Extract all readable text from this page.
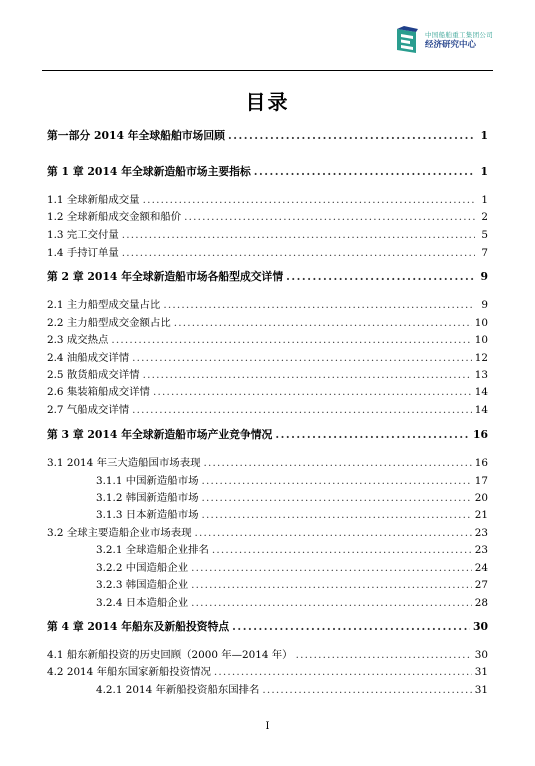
中国船舶重工集团公司
经济研究中心
目录
第一部分 2014 年全球船舶市场回顾 .....	1
第 1 章 2014 年全球新造船市场主要指标 .....	1
1.1 全球新船成交量 .....	1
1.2 全球新船成交金额和船价 .....	2
1.3 完工交付量 .....	5
1.4 手持订单量 .....	7
第 2 章 2014 年全球新造船市场各船型成交详情 .....	9
2.1 主力船型成交量占比 .....	9
2.2 主力船型成交金额占比 .....	10
2.3 成交热点 .....	10
2.4 油船成交详情 .....	12
2.5 散货船成交详情 .....	13
2.6 集装箱船成交详情 .....	14
2.7 气船成交详情 .....	14
第 3 章 2014 年全球新造船市场产业竞争情况 .....	16
3.1 2014 年三大造船国市场表现 .....	16
3.1.1 中国新造船市场 .....	17
3.1.2 韩国新造船市场 .....	20
3.1.3 日本新造船市场 .....	21
3.2 全球主要造船企业市场表现 .....	23
3.2.1 全球造船企业排名 .....	23
3.2.2 中国造船企业 .....	24
3.2.3 韩国造船企业 .....	27
3.2.4 日本造船企业 .....	28
第 4 章 2014 年船东及新船投资特点 .....	30
4.1 船东新船投资的历史回顾（2000 年—2014 年） .....	30
4.2 2014 年船东国家新船投资情况 .....	31
4.2.1 2014 年新船投资船东国排名 .....	31
I
